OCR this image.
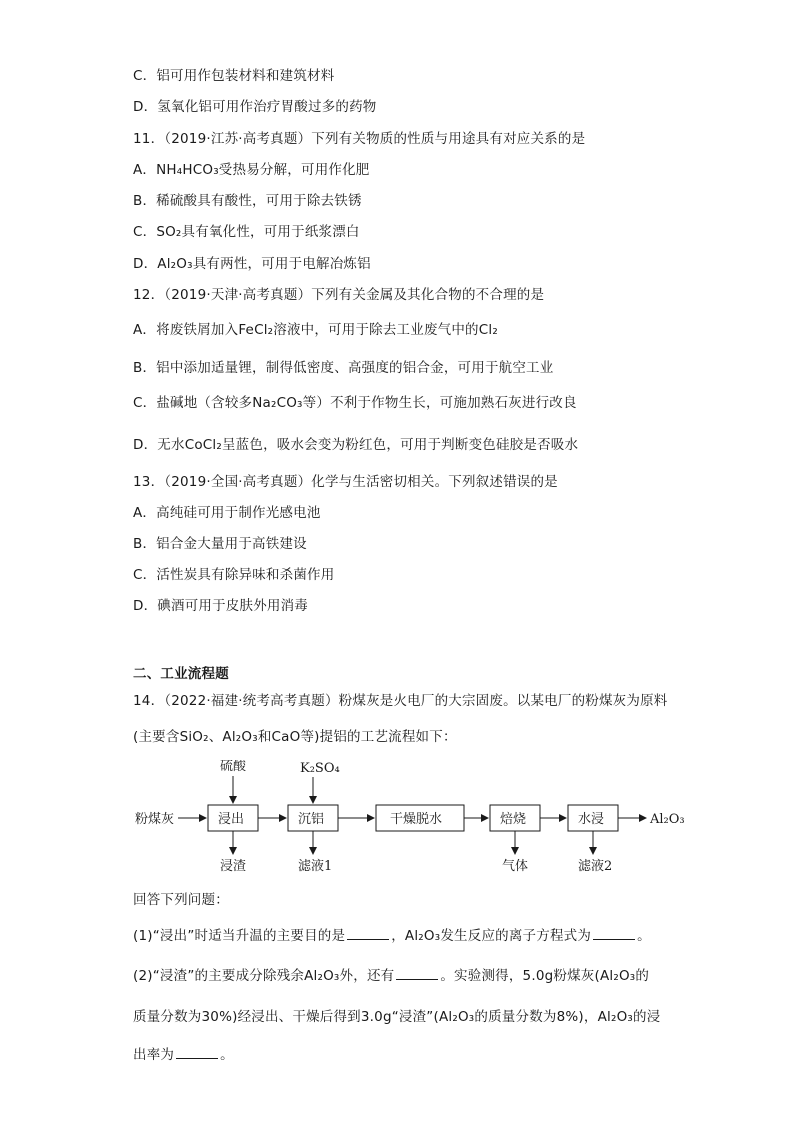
C．铝可用作包装材料和建筑材料
D．氢氧化铝可用作治疗胃酸过多的药物
11．（2019·江苏·高考真题）下列有关物质的性质与用途具有对应关系的是
A．NH₄HCO₃受热易分解，可用作化肥
B．稀硫酸具有酸性，可用于除去铁锈
C．SO₂具有氧化性，可用于纸浆漂白
D．Al₂O₃具有两性，可用于电解冶炼铝
12．（2019·天津·高考真题）下列有关金属及其化合物的不合理的是
A．将废铁屑加入FeCl₂溶液中，可用于除去工业废气中的Cl₂
B．铝中添加适量锂，制得低密度、高强度的铝合金，可用于航空工业
C．盐碱地（含较多Na₂CO₃等）不利于作物生长，可施加熟石灰进行改良
D．无水CoCl₂呈蓝色，吸水会变为粉红色，可用于判断变色硅胶是否吸水
13．（2019·全国·高考真题）化学与生活密切相关。下列叙述错误的是
A．高纯硅可用于制作光感电池
B．铝合金大量用于高铁建设
C．活性炭具有除异味和杀菌作用
D．碘酒可用于皮肤外用消毒
二、工业流程题
14．（2022·福建·统考高考真题）粉煤灰是火电厂的大宗固废。以某电厂的粉煤灰为原料
(主要含SiO₂、Al₂O₃和CaO等)提铝的工艺流程如下：
粉煤灰	浸出	沉铝	干燥脱水	焙烧	水浸	Al₂O₃
硫酸	K₂SO₄
浸渣	滤液1	气体	滤液2
回答下列问题：
(1)“浸出”时适当升温的主要目的是	，Al₂O₃发生反应的离子方程式为	。
(2)“浸渣”的主要成分除残余Al₂O₃外，还有	。实验测得，5.0g粉煤灰(Al₂O₃的
质量分数为30%)经浸出、干燥后得到3.0g“浸渣”(Al₂O₃的质量分数为8%)，Al₂O₃的浸
出率为	。
